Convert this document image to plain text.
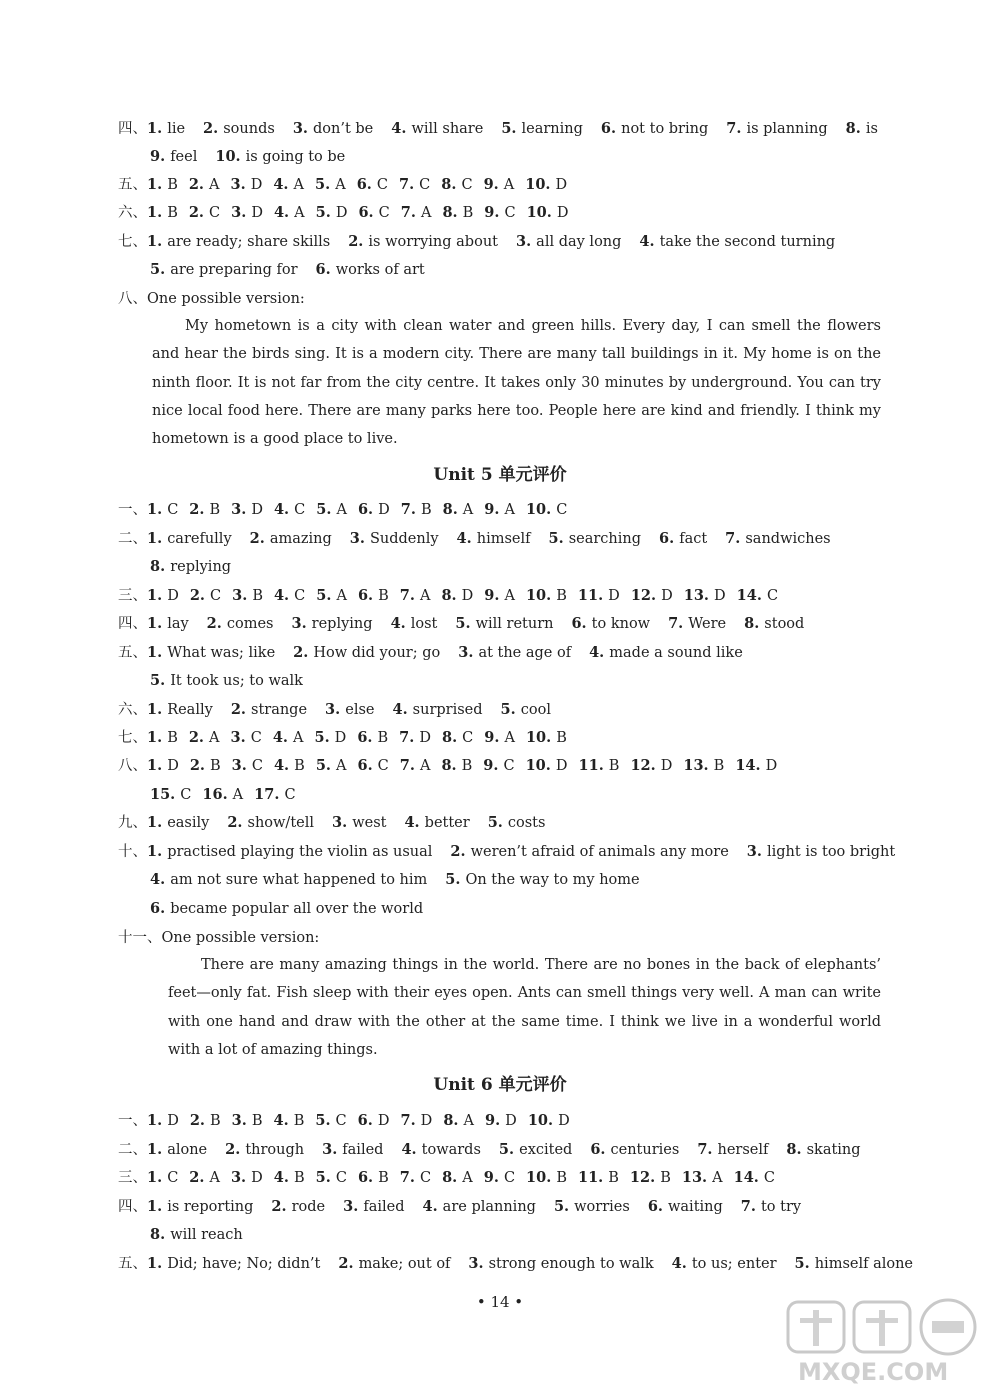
四、1. lie 2. sounds 3. don’t be 4. will share 5. learning 6. not to bring 7. is planning 8. is
9. feel 10. is going to be
五、1. B 2. A 3. D 4. A 5. A 6. C 7. C 8. C 9. A 10. D
六、1. B 2. C 3. D 4. A 5. D 6. C 7. A 8. B 9. C 10. D
七、1. are ready; share skills 2. is worrying about 3. all day long 4. take the second turning
5. are preparing for 6. works of art
八、One possible version:
My hometown is a city with clean water and green hills. Every day, I can smell the flowers and hear the birds sing. It is a modern city. There are many tall buildings in it. My home is on the ninth floor. It is not far from the city centre. It takes only 30 minutes by underground. You can try nice local food here. There are many parks here too. People here are kind and friendly. I think my hometown is a good place to live.
Unit 5 单元评价
一、1. C 2. B 3. D 4. C 5. A 6. D 7. B 8. A 9. A 10. C
二、1. carefully 2. amazing 3. Suddenly 4. himself 5. searching 6. fact 7. sandwiches
8. replying
三、1. D 2. C 3. B 4. C 5. A 6. B 7. A 8. D 9. A 10. B 11. D 12. D 13. D 14. C
四、1. lay 2. comes 3. replying 4. lost 5. will return 6. to know 7. Were 8. stood
五、1. What was; like 2. How did your; go 3. at the age of 4. made a sound like
5. It took us; to walk
六、1. Really 2. strange 3. else 4. surprised 5. cool
七、1. B 2. A 3. C 4. A 5. D 6. B 7. D 8. C 9. A 10. B
八、1. D 2. B 3. C 4. B 5. A 6. C 7. A 8. B 9. C 10. D 11. B 12. D 13. B 14. D
15. C 16. A 17. C
九、1. easily 2. show/tell 3. west 4. better 5. costs
十、1. practised playing the violin as usual 2. weren’t afraid of animals any more 3. light is too bright
4. am not sure what happened to him 5. On the way to my home
6. became popular all over the world
十一、One possible version:
There are many amazing things in the world. There are no bones in the back of elephants’ feet—only fat. Fish sleep with their eyes open. Ants can smell things very well. A man can write with one hand and draw with the other at the same time. I think we live in a wonderful world with a lot of amazing things.
Unit 6 单元评价
一、1. D 2. B 3. B 4. B 5. C 6. D 7. D 8. A 9. D 10. D
二、1. alone 2. through 3. failed 4. towards 5. excited 6. centuries 7. herself 8. skating
三、1. C 2. A 3. D 4. B 5. C 6. B 7. C 8. A 9. C 10. B 11. B 12. B 13. A 14. C
四、1. is reporting 2. rode 3. failed 4. are planning 5. worries 6. waiting 7. to try
8. will reach
五、1. Did; have; No; didn’t 2. make; out of 3. strong enough to walk 4. to us; enter 5. himself alone
• 14 •
MXQE.COM
